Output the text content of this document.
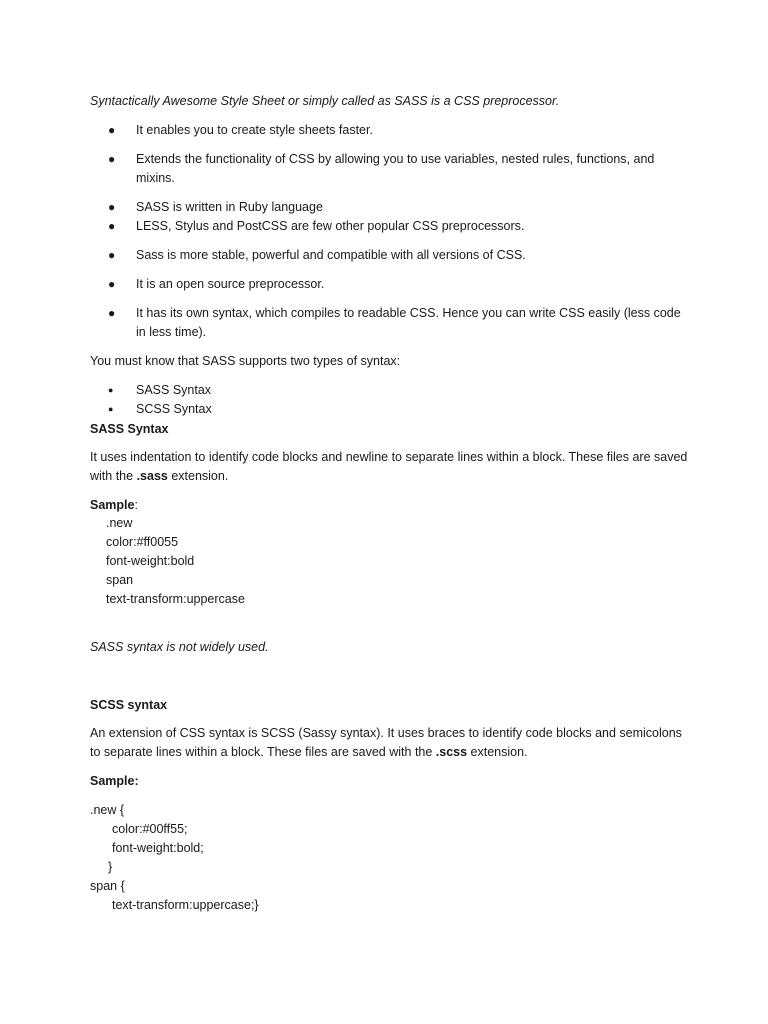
Syntactically Awesome Style Sheet or simply called as SASS is a CSS preprocessor.

● It enables you to create style sheets faster.
● Extends the functionality of CSS by allowing you to use variables, nested rules, functions, and mixins.
● SASS is written in Ruby language
● LESS, Stylus and PostCSS are few other popular CSS preprocessors.
● Sass is more stable, powerful and compatible with all versions of CSS.
● It is an open source preprocessor.
● It has its own syntax, which compiles to readable CSS. Hence you can write CSS easily (less code in less time).

You must know that SASS supports two types of syntax:

● SASS Syntax
● SCSS Syntax

SASS Syntax

It uses indentation to identify code blocks and newline to separate lines within a block. These files are saved with the .sass extension.

Sample:

.new
color:#ff0055
font-weight:bold
span
text-transform:uppercase

SASS syntax is not widely used.

SCSS syntax

An extension of CSS syntax is SCSS (Sassy syntax). It uses braces to identify code blocks and semicolons to separate lines within a block. These files are saved with the .scss extension.

Sample:

.new {
color:#00ff55;
font-weight:bold;
}
span {
text-transform:uppercase;}
